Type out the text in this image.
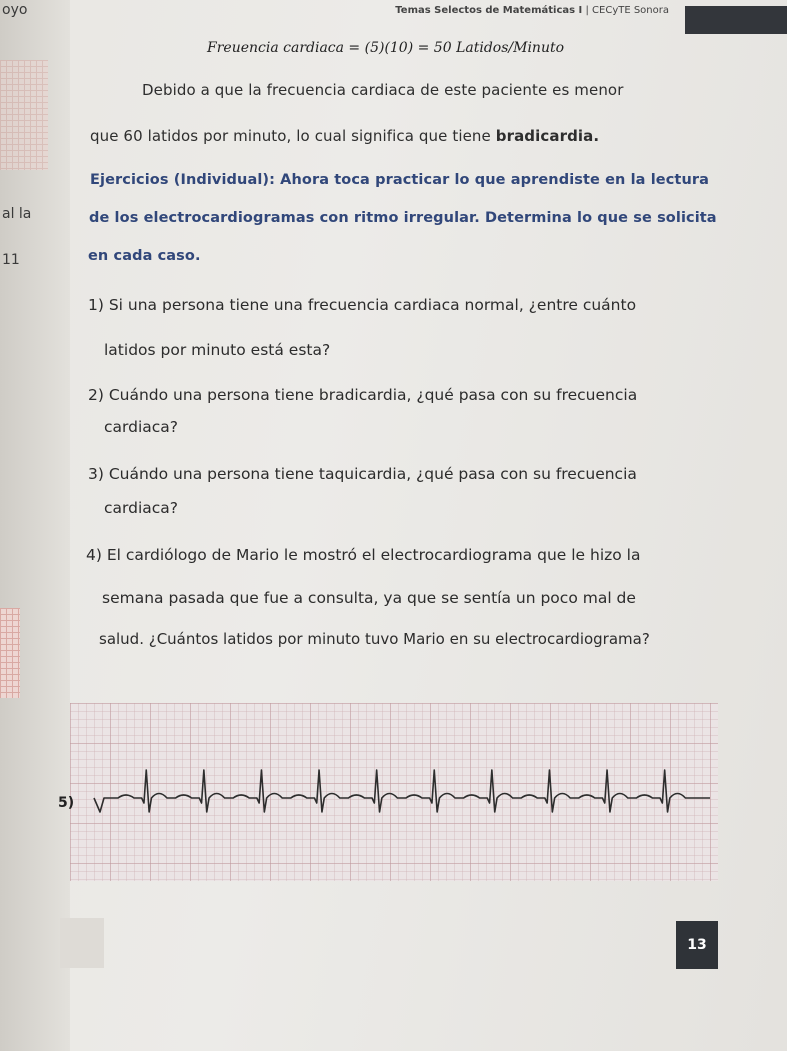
oyo
al la
11
Temas Selectos de Matemáticas I | CECyTE Sonora
Freuencia cardiaca = (5)(10) = 50 Latidos/Minuto
Debido a que la frecuencia cardiaca de este paciente es menor
que 60 latidos por minuto, lo cual significa que tiene bradicardia.
Ejercicios (Individual): Ahora toca practicar lo que aprendiste en la lectura
de los electrocardiogramas con ritmo irregular. Determina lo que se solicita
en cada caso.
1) Si una persona tiene una frecuencia cardiaca normal, ¿entre cuánto
latidos por minuto está esta?
2) Cuándo una persona tiene bradicardia, ¿qué pasa con su frecuencia
cardiaca?
3) Cuándo una persona tiene taquicardia, ¿qué pasa con su frecuencia
cardiaca?
4) El cardiólogo de Mario le mostró el electrocardiograma que le hizo la
semana pasada que fue a consulta, ya que se sentía un poco mal de
salud. ¿Cuántos latidos por minuto tuvo Mario en su electrocardiograma?
5)
13
